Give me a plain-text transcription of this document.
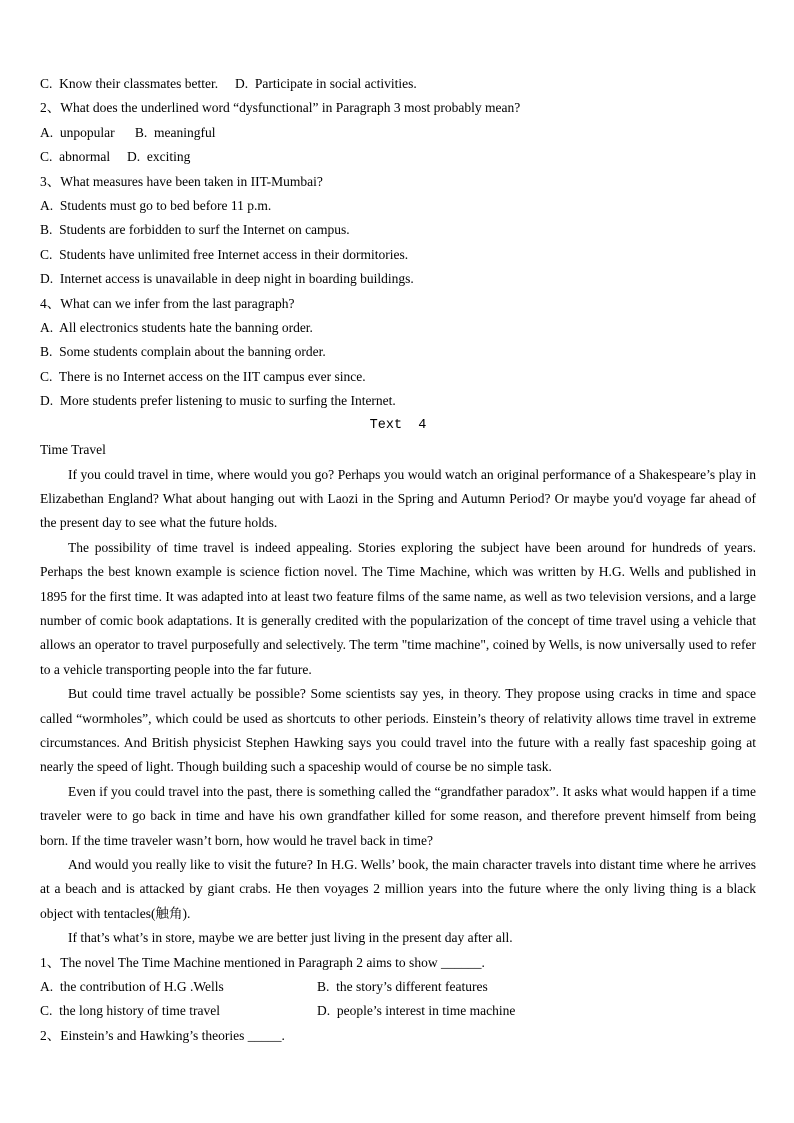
C.  Know their classmates better.     D.  Participate in social activities.
2、What does the underlined word “dysfunctional” in Paragraph 3 most probably mean?
A.  unpopular      B.  meaningful
C.  abnormal     D.  exciting
3、What measures have been taken in IIT-Mumbai?
A.  Students must go to bed before 11 p.m.
B.  Students are forbidden to surf the Internet on campus.
C.  Students have unlimited free Internet access in their dormitories.
D.  Internet access is unavailable in deep night in boarding buildings.
4、What can we infer from the last paragraph?
A.  All electronics students hate the banning order.
B.  Some students complain about the banning order.
C.  There is no Internet access on the IIT campus ever since.
D.  More students prefer listening to music to surfing the Internet.
Text  4
Time Travel
If you could travel in time, where would you go? Perhaps you would watch an original performance of a Shakespeare’s play in Elizabethan England? What about hanging out with Laozi in the Spring and Autumn Period? Or maybe you'd voyage far ahead of the present day to see what the future holds.
The possibility of time travel is indeed appealing. Stories exploring the subject have been around for hundreds of years. Perhaps the best known example is science fiction novel. The Time Machine, which was written by H.G. Wells and published in 1895 for the first time. It was adapted into at least two feature films of the same name, as well as two television versions, and a large number of comic book adaptations. It is generally credited with the popularization of the concept of time travel using a vehicle that allows an operator to travel purposefully and selectively. The term "time machine", coined by Wells, is now universally used to refer to a vehicle transporting people into the far future.
But could time travel actually be possible? Some scientists say yes, in theory. They propose using cracks in time and space called “wormholes”, which could be used as shortcuts to other periods. Einstein’s theory of relativity allows time travel in extreme circumstances. And British physicist Stephen Hawking says you could travel into the future with a really fast spaceship going at nearly the speed of light. Though building such a spaceship would of course be no simple task.
Even if you could travel into the past, there is something called the “grandfather paradox”. It asks what would happen if a time traveler were to go back in time and have his own grandfather killed for some reason, and therefore prevent himself from being born. If the time traveler wasn’t born, how would he travel back in time?
And would you really like to visit the future? In H.G. Wells’ book, the main character travels into distant time where he arrives at a beach and is attacked by giant crabs. He then voyages 2 million years into the future where the only living thing is a black object with tentacles(触角).
If that’s what’s in store, maybe we are better just living in the present day after all.
1、The novel The Time Machine mentioned in Paragraph 2 aims to show ______.
A.  the contribution of H.G .Wells	B.  the story’s different features
C.  the long history of time travel	D.  people’s interest in time machine
2、Einstein’s and Hawking’s theories _____.
